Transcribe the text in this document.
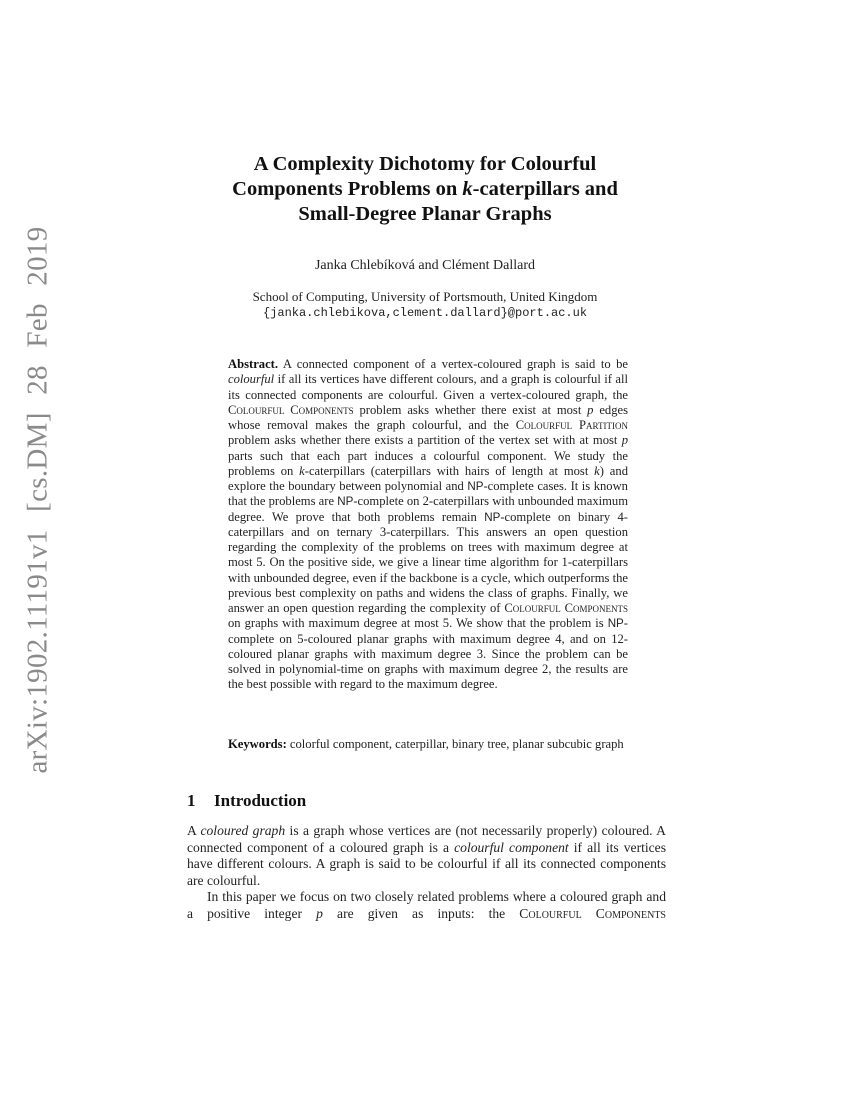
arXiv:1902.11191v1 [cs.DM] 28 Feb 2019
A Complexity Dichotomy for Colourful
Components Problems on k-caterpillars and
Small-Degree Planar Graphs
Janka Chlebíková and Clément Dallard
School of Computing, University of Portsmouth, United Kingdom
{janka.chlebikova,clement.dallard}@port.ac.uk
Abstract. A connected component of a vertex-coloured graph is said to be colourful if all its vertices have different colours, and a graph is colourful if all its connected components are colourful. Given a vertex-coloured graph, the Colourful Components problem asks whether there exist at most p edges whose removal makes the graph colourful, and the Colourful Partition problem asks whether there exists a partition of the vertex set with at most p parts such that each part induces a colourful component. We study the problems on k-caterpillars (caterpillars with hairs of length at most k) and explore the boundary between polynomial and NP-complete cases. It is known that the problems are NP-complete on 2-caterpillars with unbounded maximum degree. We prove that both problems remain NP-complete on binary 4-caterpillars and on ternary 3-caterpillars. This answers an open question regarding the complexity of the problems on trees with maximum degree at most 5. On the positive side, we give a linear time algorithm for 1-caterpillars with unbounded degree, even if the backbone is a cycle, which outperforms the previous best complexity on paths and widens the class of graphs. Finally, we answer an open question regarding the complexity of Colourful Components on graphs with maximum degree at most 5. We show that the problem is NP-complete on 5-coloured planar graphs with maximum degree 4, and on 12-coloured planar graphs with maximum degree 3. Since the problem can be solved in polynomial-time on graphs with maximum degree 2, the results are the best possible with regard to the maximum degree.
Keywords: colorful component, caterpillar, binary tree, planar subcubic graph
1 Introduction

A coloured graph is a graph whose vertices are (not necessarily properly) coloured. A connected component of a coloured graph is a colourful component if all its vertices have different colours. A graph is said to be colourful if all its connected components are colourful.

In this paper we focus on two closely related problems where a coloured graph and a positive integer p are given as inputs: the Colourful Components
